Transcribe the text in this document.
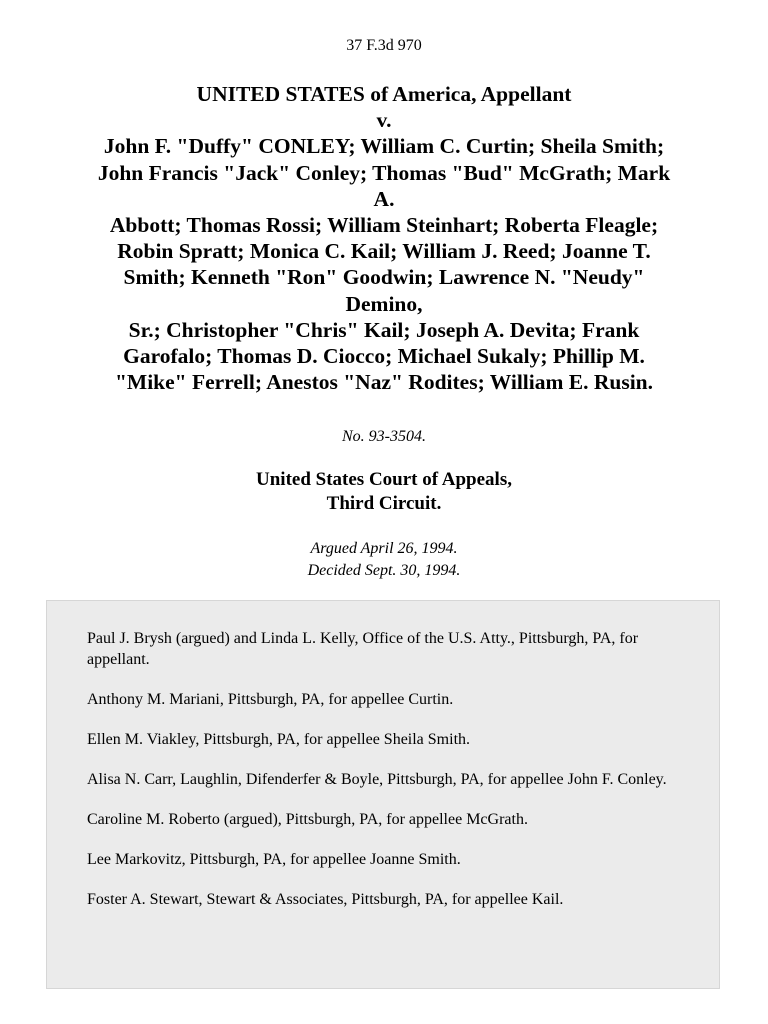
37 F.3d 970
UNITED STATES of America, Appellant
v.
John F. "Duffy" CONLEY; William C. Curtin; Sheila Smith;
John Francis "Jack" Conley; Thomas "Bud" McGrath; Mark
A.
Abbott; Thomas Rossi; William Steinhart; Roberta Fleagle;
Robin Spratt; Monica C. Kail; William J. Reed; Joanne T.
Smith; Kenneth "Ron" Goodwin; Lawrence N. "Neudy"
Demino,
Sr.; Christopher "Chris" Kail; Joseph A. Devita; Frank
Garofalo; Thomas D. Ciocco; Michael Sukaly; Phillip M.
"Mike" Ferrell; Anestos "Naz" Rodites; William E. Rusin.
No. 93-3504.
United States Court of Appeals,
Third Circuit.
Argued April 26, 1994.
Decided Sept. 30, 1994.

Paul J. Brysh (argued) and Linda L. Kelly, Office of the U.S. Atty., Pittsburgh, PA, for appellant.

Anthony M. Mariani, Pittsburgh, PA, for appellee Curtin.

Ellen M. Viakley, Pittsburgh, PA, for appellee Sheila Smith.

Alisa N. Carr, Laughlin, Difenderfer & Boyle, Pittsburgh, PA, for appellee John F. Conley.

Caroline M. Roberto (argued), Pittsburgh, PA, for appellee McGrath.

Lee Markovitz, Pittsburgh, PA, for appellee Joanne Smith.

Foster A. Stewart, Stewart & Associates, Pittsburgh, PA, for appellee Kail.
